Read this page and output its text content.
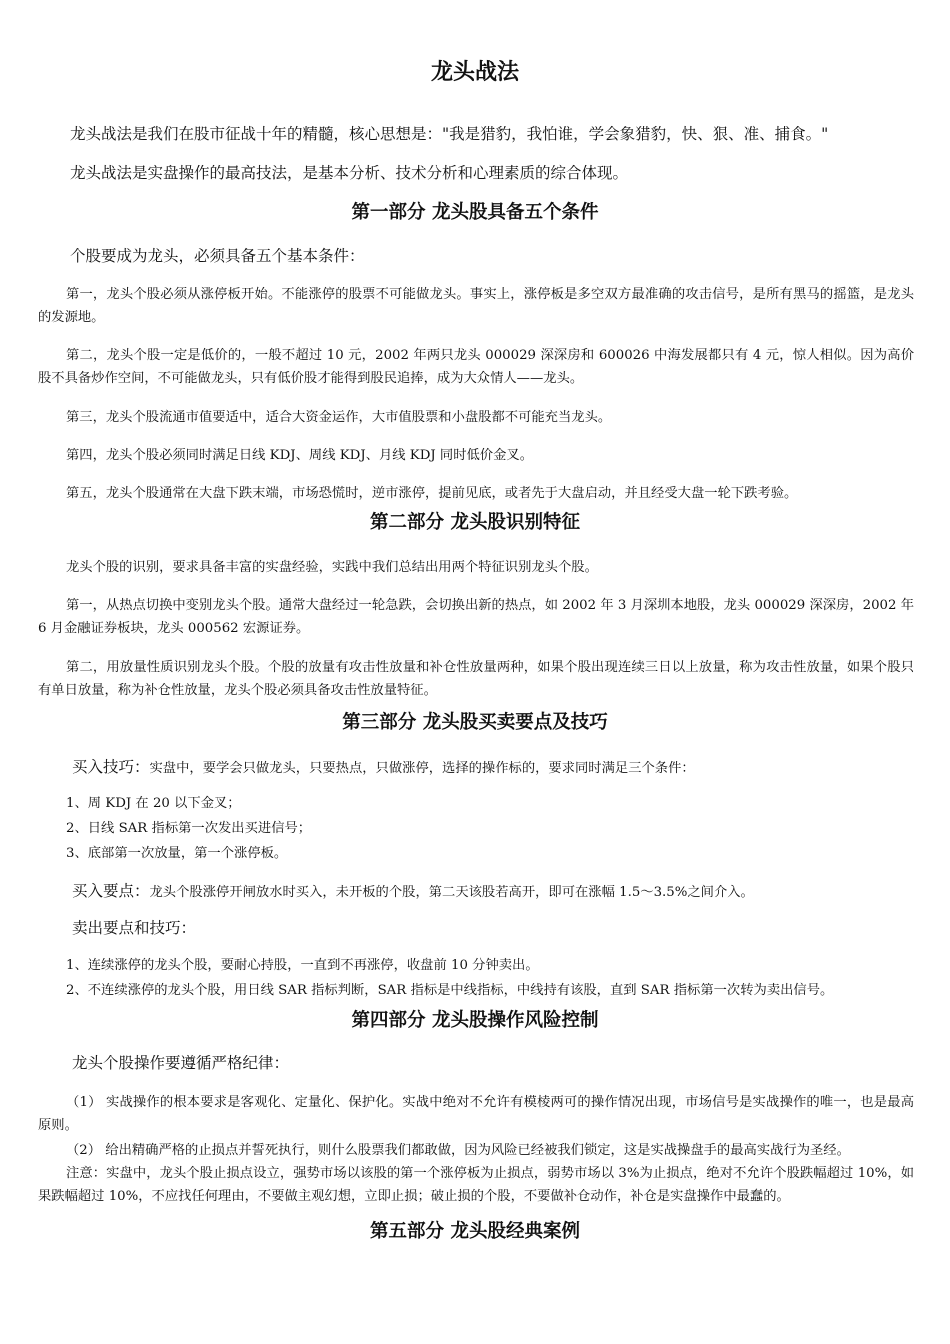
龙头战法

龙头战法是我们在股市征战十年的精髓，核心思想是："我是猎豹，我怕谁，学会象猎豹，快、狠、准、捕食。"

龙头战法是实盘操作的最高技法，是基本分析、技术分析和心理素质的综合体现。

第一部分 龙头股具备五个条件

个股要成为龙头，必须具备五个基本条件：

第一，龙头个股必须从涨停板开始。不能涨停的股票不可能做龙头。事实上，涨停板是多空双方最准确的攻击信号，是所有黑马的摇篮，是龙头的发源地。

第二，龙头个股一定是低价的，一般不超过 10 元，2002 年两只龙头 000029 深深房和 600026 中海发展都只有 4 元，惊人相似。因为高价股不具备炒作空间，不可能做龙头，只有低价股才能得到股民追捧，成为大众情人——龙头。

第三，龙头个股流通市值要适中，适合大资金运作，大市值股票和小盘股都不可能充当龙头。

第四，龙头个股必须同时满足日线 KDJ、周线 KDJ、月线 KDJ 同时低价金叉。

第五，龙头个股通常在大盘下跌末端，市场恐慌时，逆市涨停，提前见底，或者先于大盘启动，并且经受大盘一轮下跌考验。

第二部分 龙头股识别特征

龙头个股的识别，要求具备丰富的实盘经验，实践中我们总结出用两个特征识别龙头个股。

第一，从热点切换中变别龙头个股。通常大盘经过一轮急跌，会切换出新的热点，如 2002 年 3 月深圳本地股，龙头 000029 深深房，2002 年 6 月金融证券板块，龙头 000562 宏源证券。

第二，用放量性质识别龙头个股。个股的放量有攻击性放量和补仓性放量两种，如果个股出现连续三日以上放量，称为攻击性放量，如果个股只有单日放量，称为补仓性放量，龙头个股必须具备攻击性放量特征。

第三部分 龙头股买卖要点及技巧

买入技巧：实盘中，要学会只做龙头，只要热点，只做涨停，选择的操作标的，要求同时满足三个条件：

1、周 KDJ 在 20 以下金叉；

2、日线 SAR 指标第一次发出买进信号；

3、底部第一次放量，第一个涨停板。

买入要点：龙头个股涨停开闸放水时买入，未开板的个股，第二天该股若高开，即可在涨幅 1.5～3.5%之间介入。

卖出要点和技巧：

1、连续涨停的龙头个股，要耐心持股，一直到不再涨停，收盘前 10 分钟卖出。

2、不连续涨停的龙头个股，用日线 SAR 指标判断，SAR 指标是中线指标，中线持有该股，直到 SAR 指标第一次转为卖出信号。

第四部分 龙头股操作风险控制

龙头个股操作要遵循严格纪律：

（1） 实战操作的根本要求是客观化、定量化、保护化。实战中绝对不允许有模棱两可的操作情况出现，市场信号是实战操作的唯一，也是最高原则。

（2） 给出精确严格的止损点并誓死执行，则什么股票我们都敢做，因为风险已经被我们锁定，这是实战操盘手的最高实战行为圣经。

注意：实盘中，龙头个股止损点设立，强势市场以该股的第一个涨停板为止损点，弱势市场以 3%为止损点，绝对不允许个股跌幅超过 10%，如果跌幅超过 10%，不应找任何理由，不要做主观幻想，立即止损；破止损的个股，不要做补仓动作，补仓是实盘操作中最蠢的。

第五部分 龙头股经典案例
